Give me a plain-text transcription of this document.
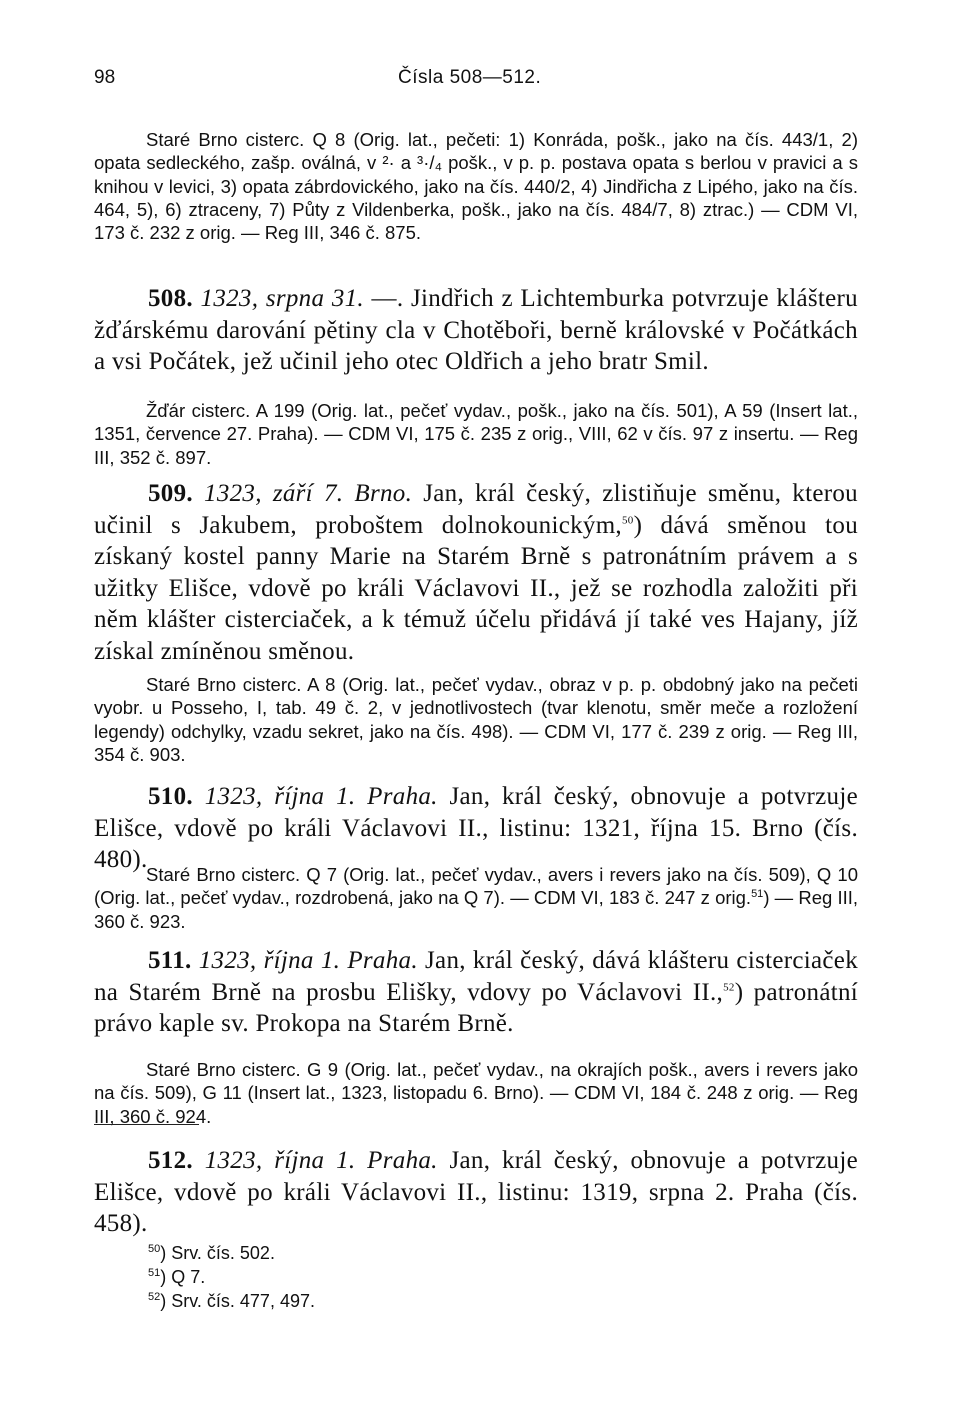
98	Čísla 508—512.
Staré Brno cisterc. Q 8 (Orig. lat., pečeti: 1) Konráda, pošk., jako na čís. 443/1, 2) opata sedleckého, zašp. oválná, v ²· a ³·/₄ pošk., v p. p. postava opata s berlou v pravici a s knihou v levici, 3) opata zábrdovického, jako na čís. 440/2, 4) Jindřicha z Lipého, jako na čís. 464, 5), 6) ztraceny, 7) Půty z Vildenberka, pošk., jako na čís. 484/7, 8) ztrac.) — CDM VI, 173 č. 232 z orig. — Reg III, 346 č. 875.
508. 1323, srpna 31. —. Jindřich z Lichtemburka potvrzuje klášteru žďárskému darování pětiny cla v Chotěboři, berně královské v Počátkách a vsi Počátek, jež učinil jeho otec Oldřich a jeho bratr Smil.
Žďár cisterc. A 199 (Orig. lat., pečeť vydav., pošk., jako na čís. 501), A 59 (Insert lat., 1351, července 27. Praha). — CDM VI, 175 č. 235 z orig., VIII, 62 v čís. 97 z insertu. — Reg III, 352 č. 897.
509. 1323, září 7. Brno. Jan, král český, zlistiňuje směnu, kterou učinil s Jakubem, proboštem dolnokounickým,$^{50}$) dává směnou tou získaný kostel panny Marie na Starém Brně s patronátním právem a s užitky Elišce, vdově po králi Václavovi II., jež se rozhodla založiti při něm klášter cisterciaček, a k témuž účelu přidává jí také ves Hajany, jíž získal zmíněnou směnou.
Staré Brno cisterc. A 8 (Orig. lat., pečeť vydav., obraz v p. p. obdobný jako na pečeti vyobr. u Posseho, I, tab. 49 č. 2, v jednotlivostech (tvar klenotu, směr meče a rozložení legendy) odchylky, vzadu sekret, jako na čís. 498). — CDM VI, 177 č. 239 z orig. — Reg III, 354 č. 903.
510. 1323, října 1. Praha. Jan, král český, obnovuje a potvrzuje Elišce, vdově po králi Václavovi II., listinu: 1321, října 15. Brno (čís. 480).
Staré Brno cisterc. Q 7 (Orig. lat., pečeť vydav., avers i revers jako na čís. 509), Q 10 (Orig. lat., pečeť vydav., rozdrobená, jako na Q 7). — CDM VI, 183 č. 247 z orig.$^{51}$) — Reg III, 360 č. 923.
511. 1323, října 1. Praha. Jan, král český, dává klášteru cisterciaček na Starém Brně na prosbu Elišky, vdovy po Václavovi II.,$^{52}$) patronátní právo kaple sv. Prokopa na Starém Brně.
Staré Brno cisterc. G 9 (Orig. lat., pečeť vydav., na okrajích pošk., avers i revers jako na čís. 509), G 11 (Insert lat., 1323, listopadu 6. Brno). — CDM VI, 184 č. 248 z orig. — Reg III, 360 č. 924.
512. 1323, října 1. Praha. Jan, král český, obnovuje a potvrzuje Elišce, vdově po králi Václavovi II., listinu: 1319, srpna 2. Praha (čís. 458).
$^{50}$) Srv. čís. 502.
$^{51}$) Q 7.
$^{52}$) Srv. čís. 477, 497.
